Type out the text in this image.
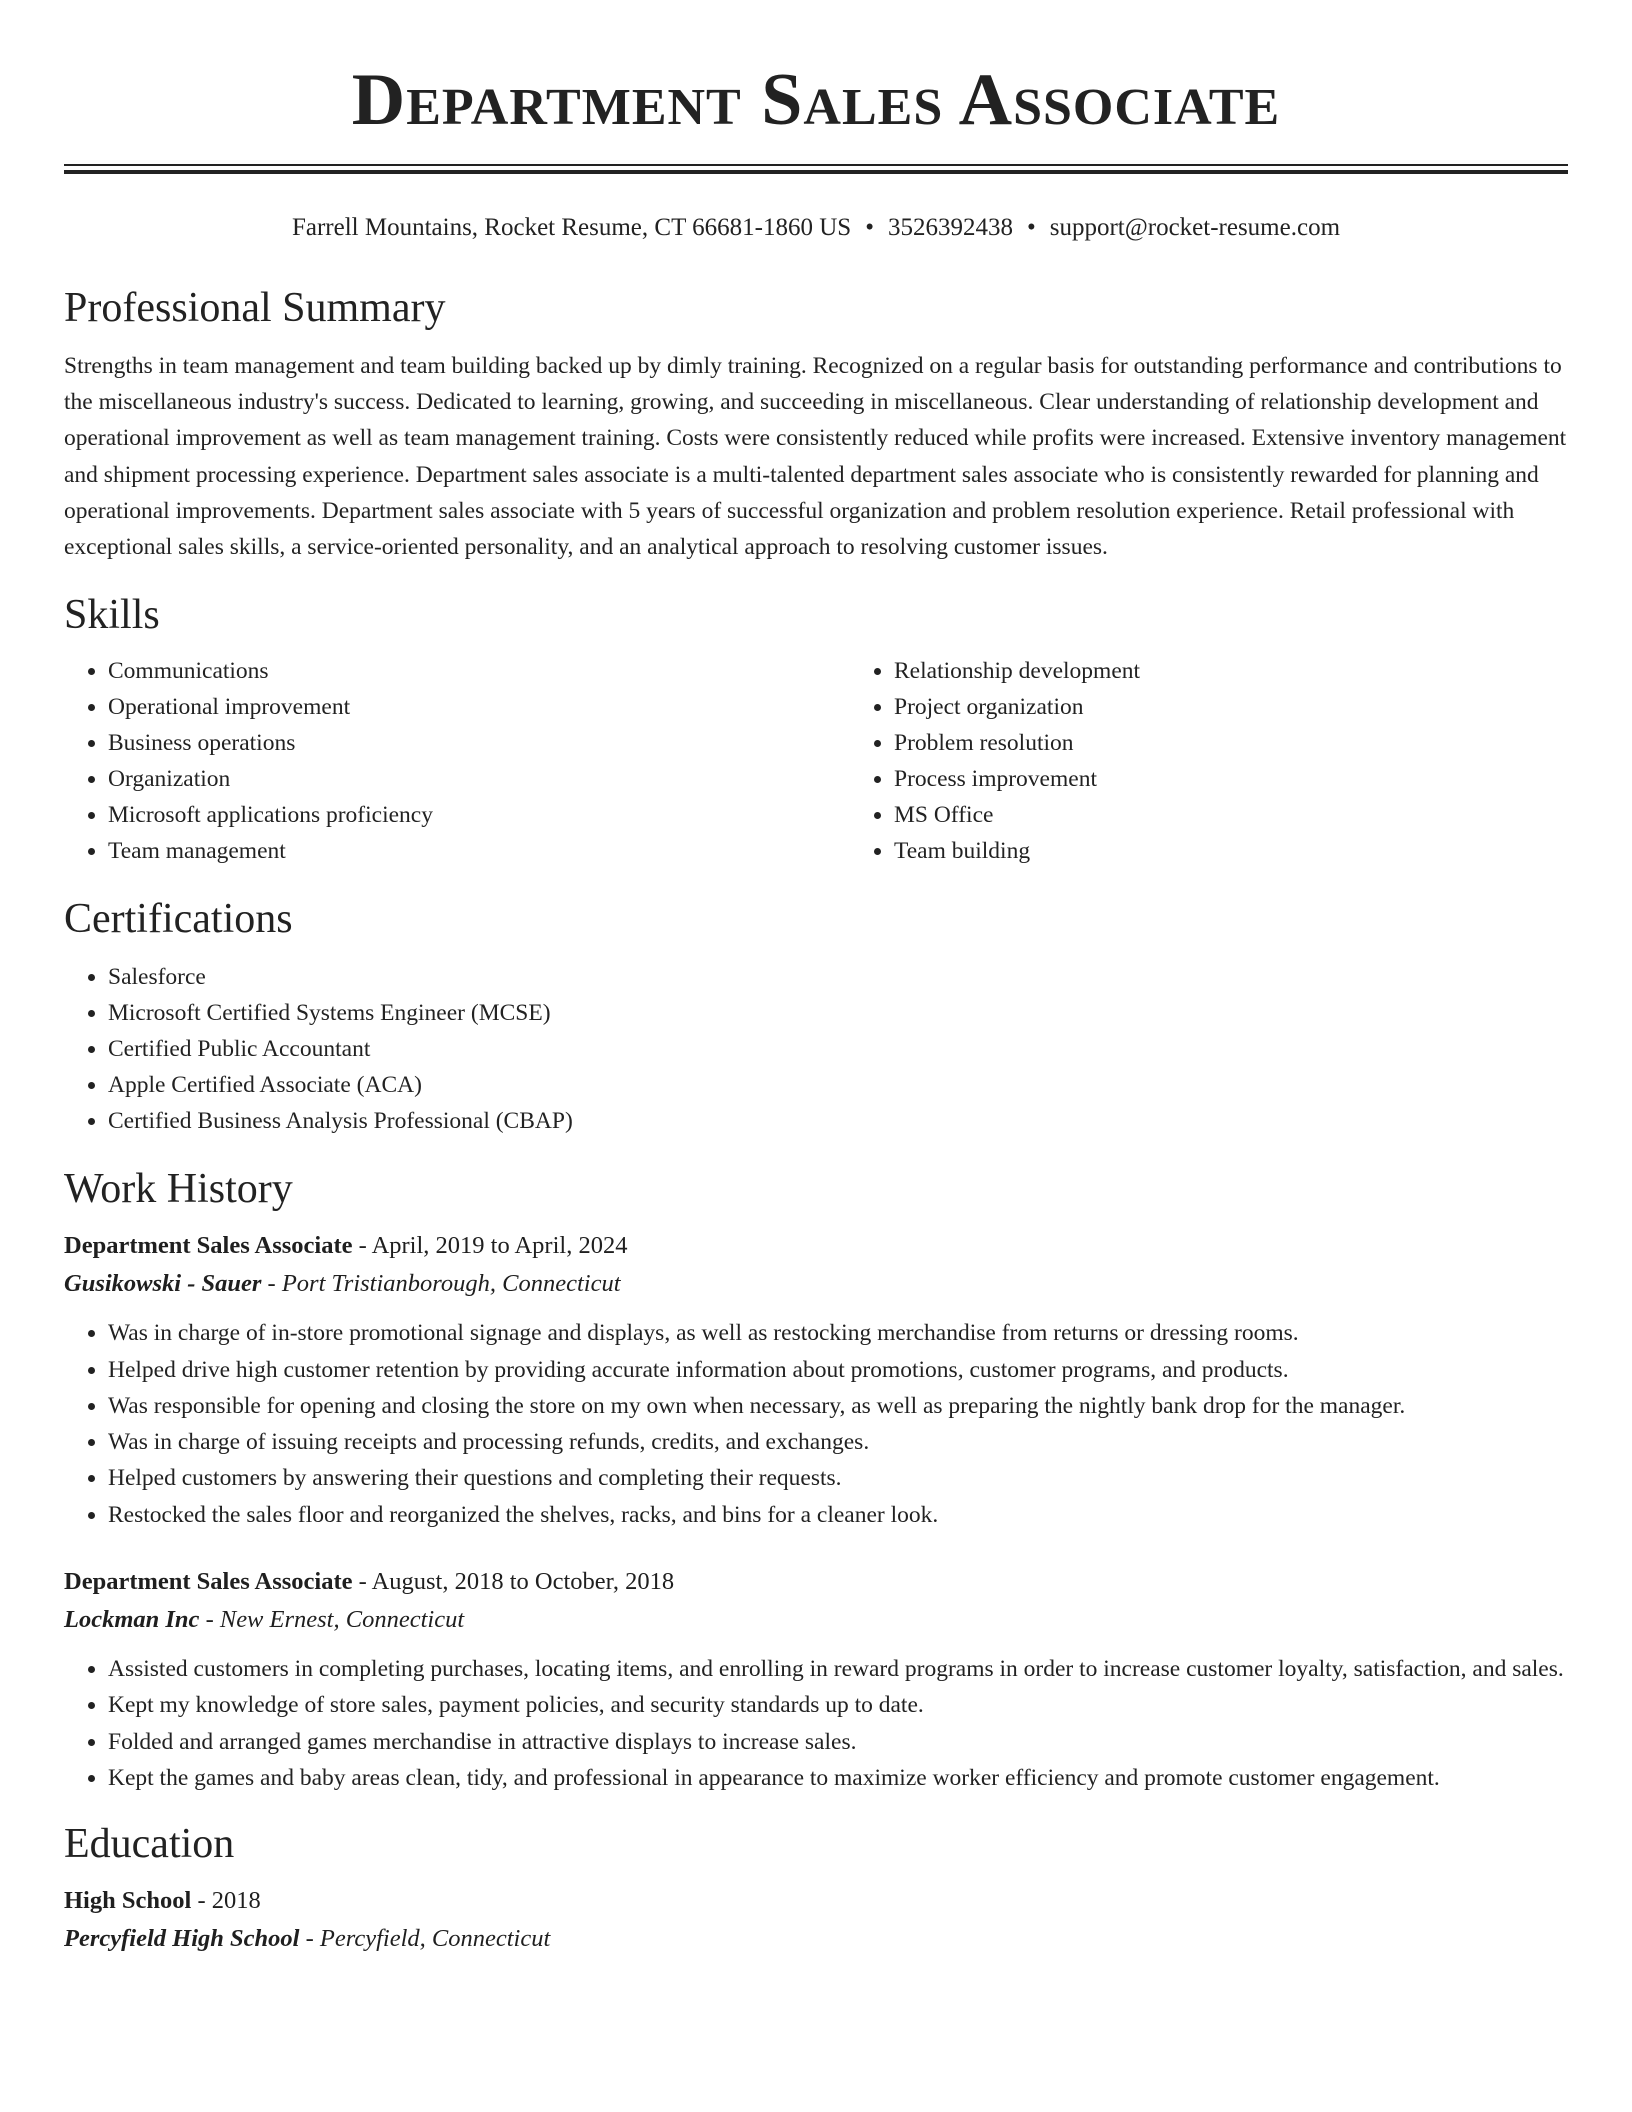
Department Sales Associate
Farrell Mountains, Rocket Resume, CT 66681-1860 US • 3526392438 • support@rocket-resume.com
Professional Summary

Strengths in team management and team building backed up by dimly training. Recognized on a regular basis for outstanding performance and contributions to the miscellaneous industry's success. Dedicated to learning, growing, and succeeding in miscellaneous. Clear understanding of relationship development and operational improvement as well as team management training. Costs were consistently reduced while profits were increased. Extensive inventory management and shipment processing experience. Department sales associate is a multi-talented department sales associate who is consistently rewarded for planning and operational improvements. Department sales associate with 5 years of successful organization and problem resolution experience. Retail professional with exceptional sales skills, a service-oriented personality, and an analytical approach to resolving customer issues.

Skills
• Communications
• Operational improvement
• Business operations
• Organization
• Microsoft applications proficiency
• Team management
• Relationship development
• Project organization
• Problem resolution
• Process improvement
• MS Office
• Team building
Certifications
• Salesforce
• Microsoft Certified Systems Engineer (MCSE)
• Certified Public Accountant
• Apple Certified Associate (ACA)
• Certified Business Analysis Professional (CBAP)
Work History
Department Sales Associate - April, 2019 to April, 2024
Gusikowski - Sauer - Port Tristianborough, Connecticut
• Was in charge of in-store promotional signage and displays, as well as restocking merchandise from returns or dressing rooms.
• Helped drive high customer retention by providing accurate information about promotions, customer programs, and products.
• Was responsible for opening and closing the store on my own when necessary, as well as preparing the nightly bank drop for the manager.
• Was in charge of issuing receipts and processing refunds, credits, and exchanges.
• Helped customers by answering their questions and completing their requests.
• Restocked the sales floor and reorganized the shelves, racks, and bins for a cleaner look.
Department Sales Associate - August, 2018 to October, 2018
Lockman Inc - New Ernest, Connecticut
• Assisted customers in completing purchases, locating items, and enrolling in reward programs in order to increase customer loyalty, satisfaction, and sales.
• Kept my knowledge of store sales, payment policies, and security standards up to date.
• Folded and arranged games merchandise in attractive displays to increase sales.
• Kept the games and baby areas clean, tidy, and professional in appearance to maximize worker efficiency and promote customer engagement.
Education
High School - 2018
Percyfield High School - Percyfield, Connecticut
